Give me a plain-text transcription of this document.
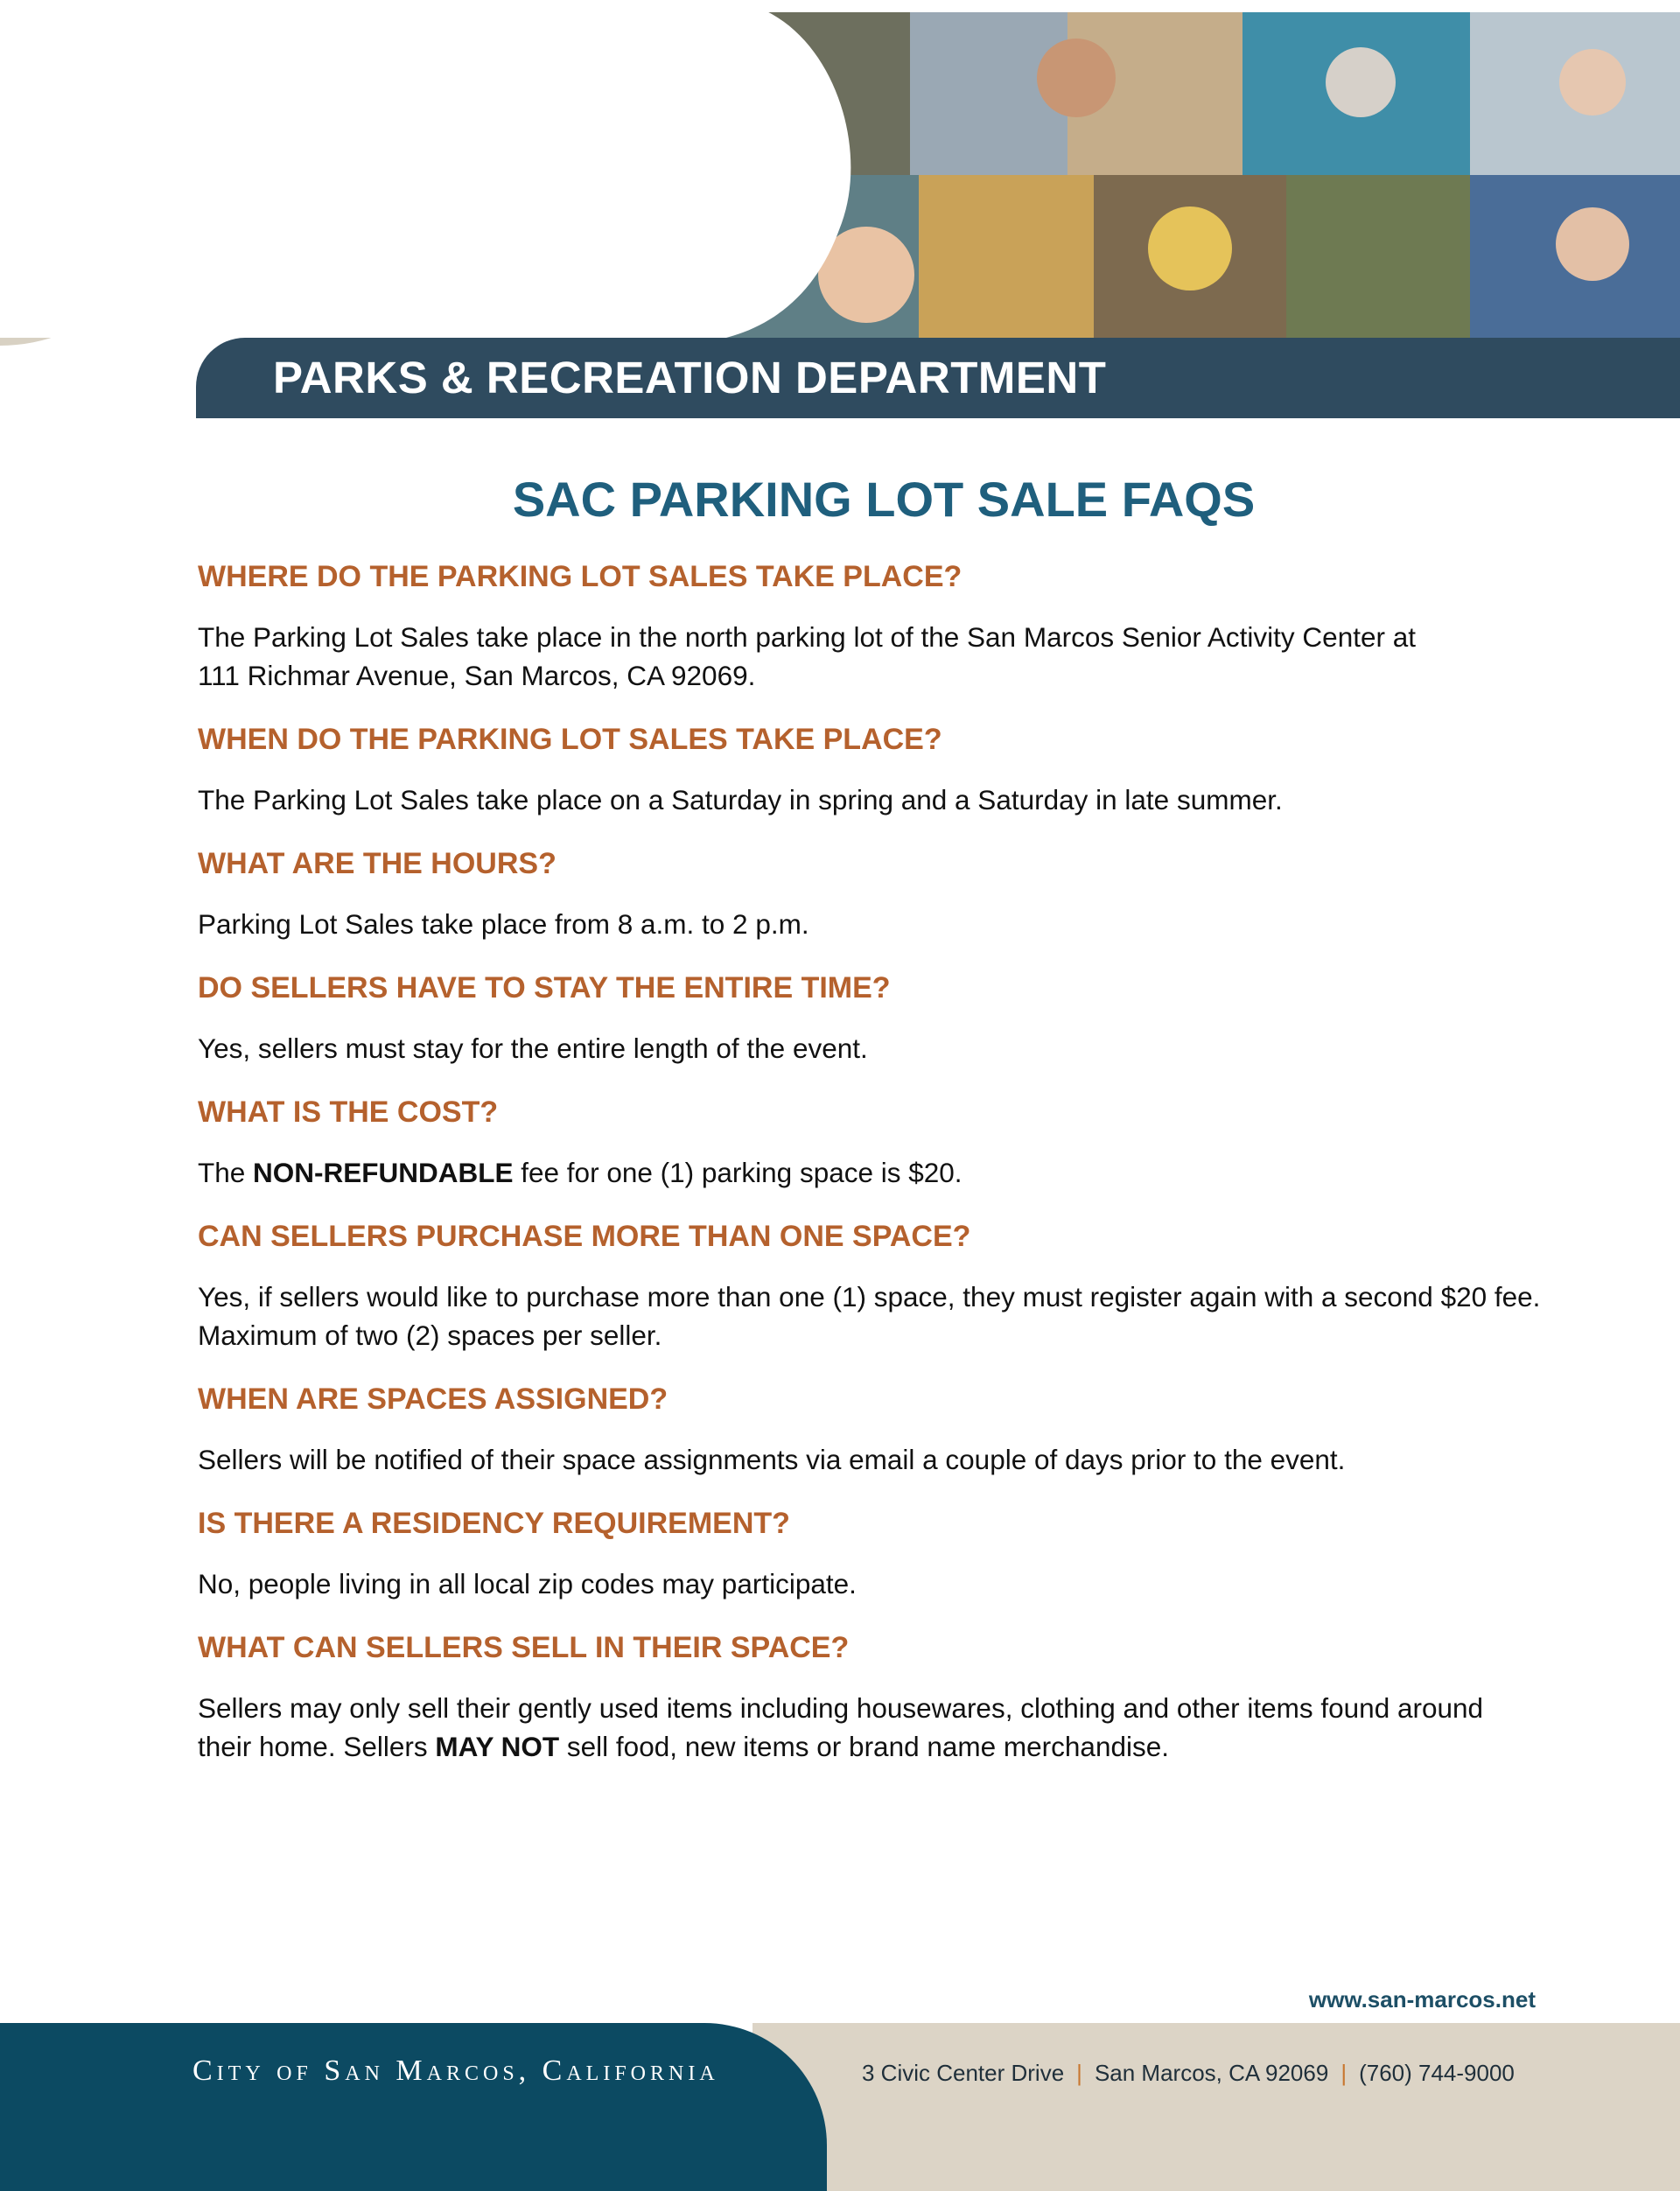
PARKS & RECREATION DEPARTMENT
SAC PARKING LOT SALE FAQS
WHERE DO THE PARKING LOT SALES TAKE PLACE?
The Parking Lot Sales take place in the north parking lot of the San Marcos Senior Activity Center at
111 Richmar Avenue, San Marcos, CA 92069.
WHEN DO THE PARKING LOT SALES TAKE PLACE?
The Parking Lot Sales take place on a Saturday in spring and a Saturday in late summer.
WHAT ARE THE HOURS?
Parking Lot Sales take place from 8 a.m. to 2 p.m.
DO SELLERS HAVE TO STAY THE ENTIRE TIME?
Yes, sellers must stay for the entire length of the event.
WHAT IS THE COST?
The NON-REFUNDABLE fee for one (1) parking space is $20.
CAN SELLERS PURCHASE MORE THAN ONE SPACE?
Yes, if sellers would like to purchase more than one (1) space, they must register again with a second $20 fee.
Maximum of two (2) spaces per seller.
WHEN ARE SPACES ASSIGNED?
Sellers will be notified of their space assignments via email a couple of days prior to the event.
IS THERE A RESIDENCY REQUIREMENT?
No, people living in all local zip codes may participate.
WHAT CAN SELLERS SELL IN THEIR SPACE?
Sellers may only sell their gently used items including housewares, clothing and other items found around
their home. Sellers MAY NOT sell food, new items or brand name merchandise.
www.san-marcos.net
City of San Marcos, California	3 Civic Center Drive | San Marcos, CA 92069 | (760) 744-9000
